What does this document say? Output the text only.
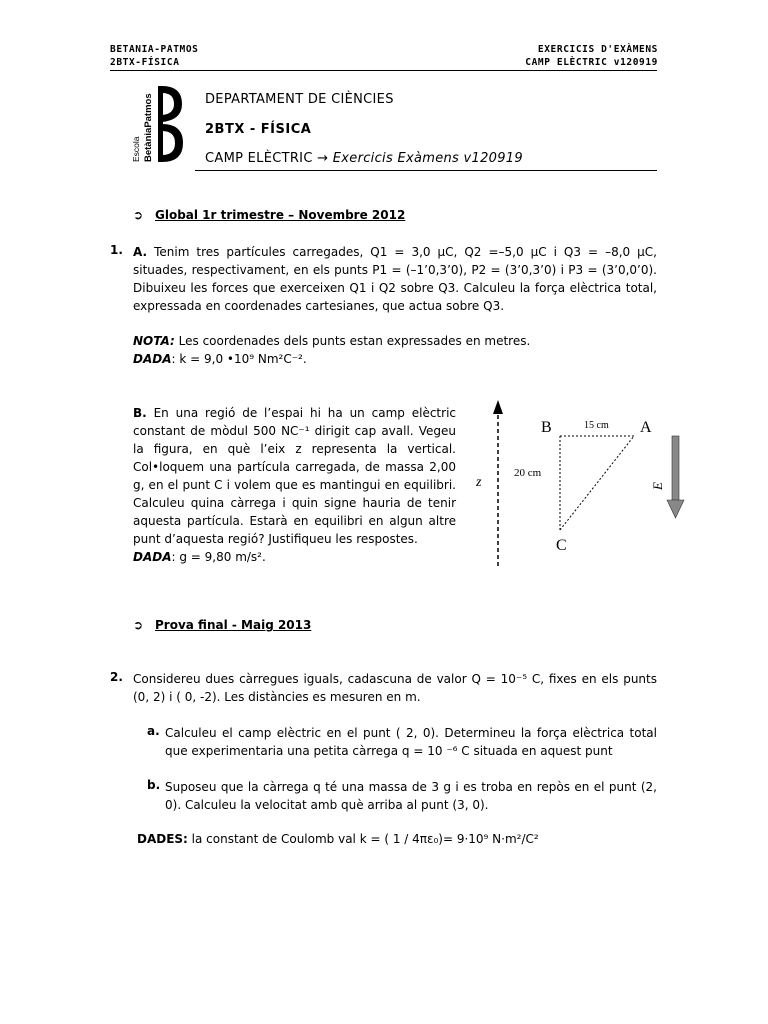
BETANIA-PATMOS
2BTX-FÍSICA
EXERCICIS D'EXÀMENS
CAMP ELÈCTRIC v120919
Escola BetàniaPatmos	DEPARTAMENT DE CIÈNCIES
2BTX - FÍSICA
CAMP ELÈCTRIC → Exercicis Exàmens v120919
➲ Global 1r trimestre – Novembre 2012
1. A. Tenim tres partícules carregades, Q1 = 3,0 μC, Q2 =–5,0 μC i Q3 = –8,0 μC, situades, respectivament, en els punts P1 = (–1’0,3’0), P2 = (3’0,3’0) i P3 = (3’0,0’0). Dibuixeu les forces que exerceixen Q1 i Q2 sobre Q3. Calculeu la força elèctrica total, expressada en coordenades cartesianes, que actua sobre Q3.
NOTA: Les coordenades dels punts estan expressades en metres.
DADA: k = 9,0 •10⁹ Nm²C⁻².
B. En una regió de l’espai hi ha un camp elèctric constant de mòdul 500 NC⁻¹ dirigit cap avall. Vegeu la figura, en què l’eix z representa la vertical. Col•loquem una partícula carregada, de massa 2,00 g, en el punt C i volem que es mantingui en equilibri. Calculeu quina càrrega i quin signe hauria de tenir aquesta partícula. Estarà en equilibri en algun altre punt d’aquesta regió? Justifiqueu les respostes.
DADA: g = 9,80 m/s².
z
B	A
C
15 cm
20 cm	E⃗
➲ Prova final - Maig 2013
2. Considereu dues càrregues iguals, cadascuna de valor Q = 10⁻⁵ C, fixes en els punts (0, 2) i ( 0, -2). Les distàncies es mesuren en m.
a. Calculeu el camp elèctric en el punt ( 2, 0). Determineu la força elèctrica total que experimentaria una petita càrrega q = 10 ⁻⁶ C situada en aquest punt
b. Suposeu que la càrrega q té una massa de 3 g i es troba en repòs en el punt (2, 0). Calculeu la velocitat amb què arriba al punt (3, 0).
DADES: la constant de Coulomb val k = ( 1 / 4πε₀)= 9·10⁹ N·m²/C²
